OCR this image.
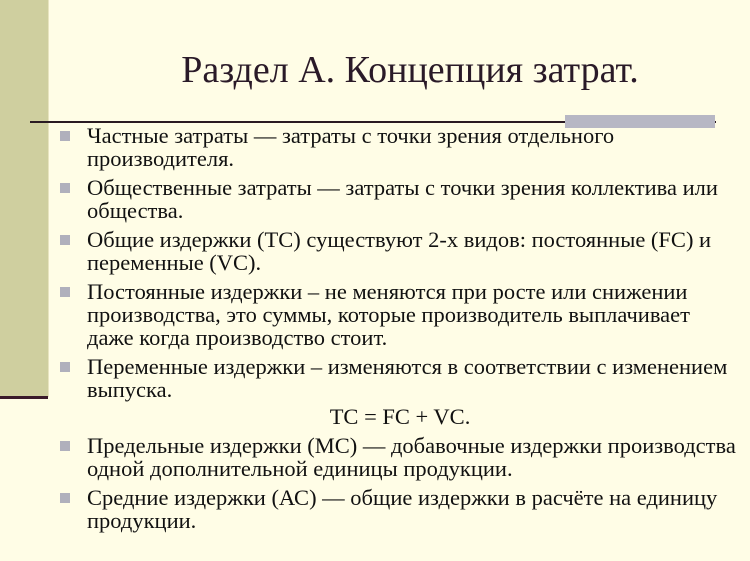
Раздел А. Концепция затрат.
Частные затраты — затраты с точки зрения отдельного производителя.
Общественные затраты — затраты с точки зрения коллектива или общества.
Общие издержки (ТС) существуют 2-х видов: постоянные (FC) и переменные (VC).
Постоянные издержки – не меняются при росте или снижении производства, это суммы, которые производитель выплачивает даже когда производство стоит.
Переменные издержки – изменяются в соответствии с изменением выпуска.
TC = FC + VC.
Предельные издержки (МС) — добавочные издержки производства одной дополнительной единицы продукции.
Средние издержки (АС) — общие издержки в расчёте на единицу продукции.
